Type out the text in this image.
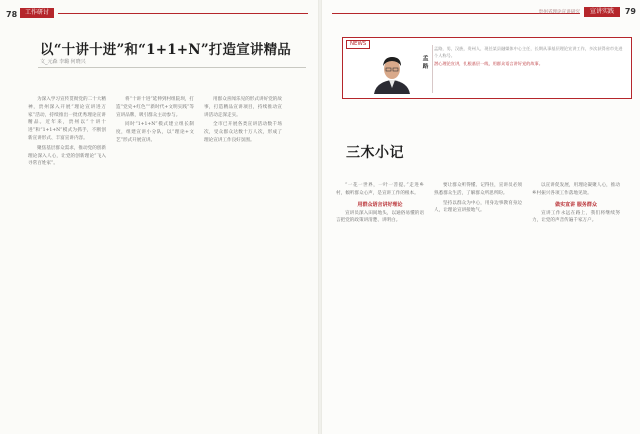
78	工作研讨
以“十讲十进”和“1+1+N”打造宣讲精品
文_元森 李璐 何晓兴

为深入学习宣传贯彻党的二十大精神，贵州深入开展“理论宣讲进万家”活动，持续推出一批优秀理论宣讲精品。近年来，贵州以“十讲十进”和“1+1+N”模式为抓手，不断创新宣讲形式、丰富宣讲内容。

聚焦基层群众需求，推动党的创新理论深入人心，让党的创新理论“飞入寻常百姓家”。

将“十讲十进”延伸到村组院坝，打造“党史+红色”“新时代+文明实践”等宣讲品牌，吸引群众主动参与。

同时“1+1+N”模式建立组长制度，组建宣讲小分队，以“理论+文艺”形式开展宣讲。

用群众喜闻乐见的形式讲好党的故事，打造精品宣讲项目，持续推动宣讲活动走深走实。

全市已开展各类宣讲活动数千场次，受众群众达数十万人次，形成了理论宣讲工作良好氛围。

贵州省理论宣讲研究	宣讲实践	79
NEWS
孟路

孟路，男，汉族，贵州人，现任某县融媒体中心主任，长期从事基层理论宣讲工作，多次获得省市先进个人称号。

潜心理论宣讲，扎根基层一线，用群众语言讲好党的故事。

三木小记

“一花一世界，一叶一菩提。”走进乡村，倾听群众心声，是宣讲工作的根本。

用群众语言讲好理论

宣讲员深入田间地头，以通俗易懂的语言把党的政策讲清楚、讲明白。

要让群众听得懂、记得住，宣讲员必须熟悉群众生活，了解群众所思所盼。

坚持以群众为中心，用身边事教育身边人，让理论宣讲接地气。

以宣讲促发展，用理论凝聚人心，推动乡村振兴各项工作落地见效。

做实宣讲 服务群众

宣讲工作永远在路上，我们将继续努力，让党的声音传遍千家万户。
